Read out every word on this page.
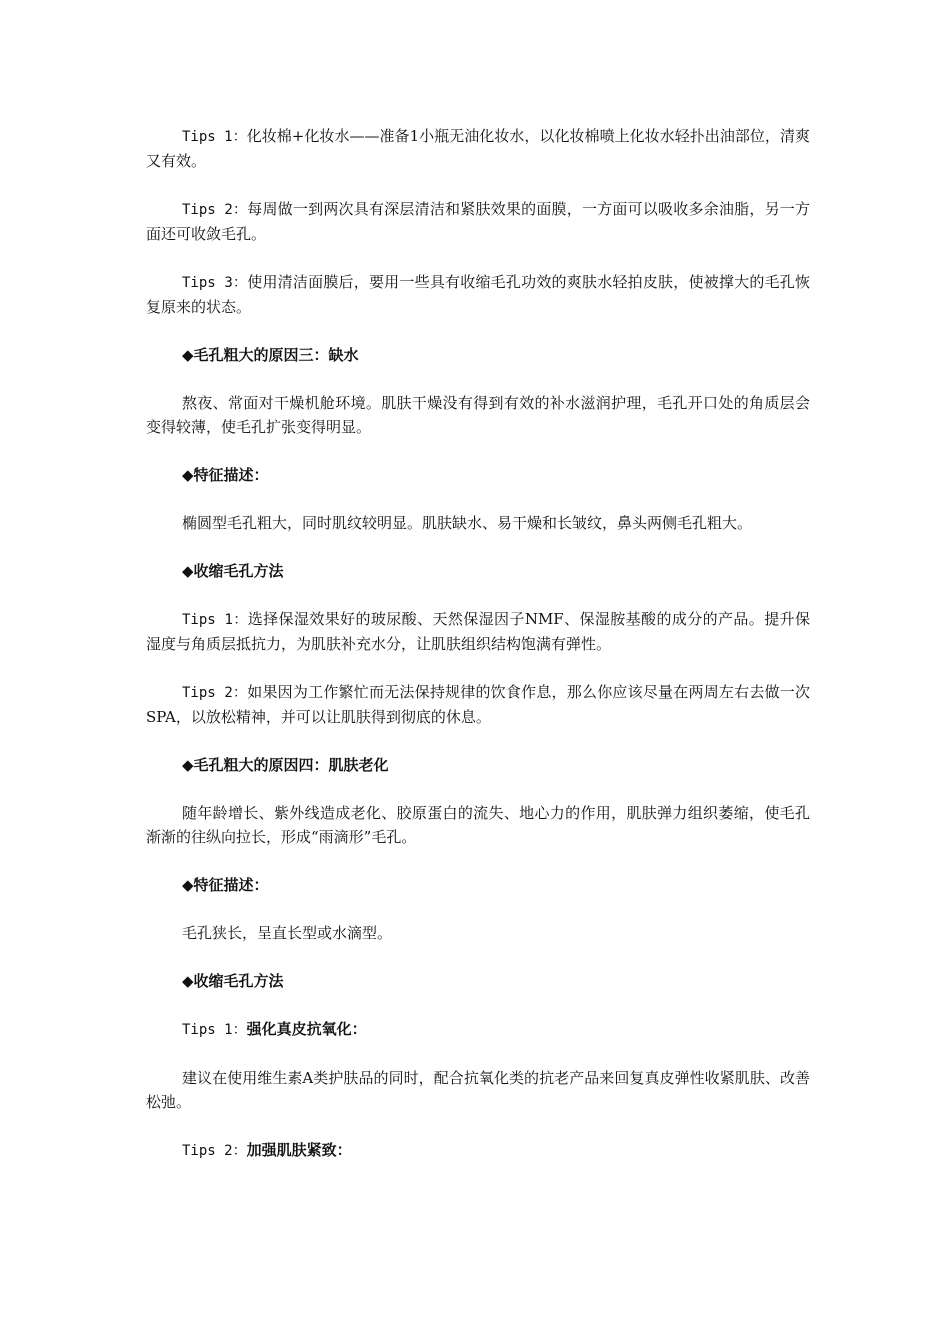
Tips 1：化妆棉+化妆水——准备1小瓶无油化妆水，以化妆棉喷上化妆水轻扑出油部位，清爽又有效。

Tips 2：每周做一到两次具有深层清洁和紧肤效果的面膜，一方面可以吸收多余油脂，另一方面还可收敛毛孔。

Tips 3：使用清洁面膜后，要用一些具有收缩毛孔功效的爽肤水轻拍皮肤，使被撑大的毛孔恢复原来的状态。

◆毛孔粗大的原因三：缺水

熬夜、常面对干燥机舱环境。肌肤干燥没有得到有效的补水滋润护理，毛孔开口处的角质层会变得较薄，使毛孔扩张变得明显。

◆特征描述：

椭圆型毛孔粗大，同时肌纹较明显。肌肤缺水、易干燥和长皱纹，鼻头两侧毛孔粗大。

◆收缩毛孔方法

Tips 1：选择保湿效果好的玻尿酸、天然保湿因子NMF、保湿胺基酸的成分的产品。提升保湿度与角质层抵抗力，为肌肤补充水分，让肌肤组织结构饱满有弹性。

Tips 2：如果因为工作繁忙而无法保持规律的饮食作息，那么你应该尽量在两周左右去做一次SPA，以放松精神，并可以让肌肤得到彻底的休息。

◆毛孔粗大的原因四：肌肤老化

随年龄增长、紫外线造成老化、胶原蛋白的流失、地心力的作用，肌肤弹力组织萎缩，使毛孔渐渐的往纵向拉长，形成“雨滴形”毛孔。

◆特征描述：

毛孔狭长，呈直长型或水滴型。

◆收缩毛孔方法

Tips 1：强化真皮抗氧化：

建议在使用维生素A类护肤品的同时，配合抗氧化类的抗老产品来回复真皮弹性收紧肌肤、改善松弛。

Tips 2：加强肌肤紧致：
